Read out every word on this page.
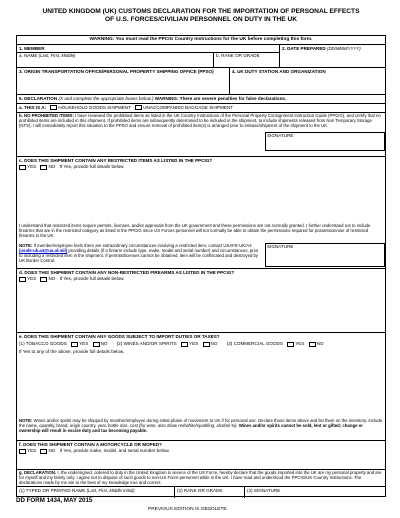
UNITED KINGDOM (UK) CUSTOMS DECLARATION FOR THE IMPORTATION OF PERSONAL EFFECTS
OF U.S. FORCES/CIVILIAN PERSONNEL ON DUTY IN THE UK
WARNING: You must read the PPCIG Country Instructions for the UK before completing this form.
1. MEMBER	2. DATE PREPARED (DD/MMM/YYYY)
a. NAME (Last, First, Middle)	b. RANK OR GRADE
3. ORIGIN TRANSPORTATION OFFICE/PERSONAL PROPERTY SHIPPING OFFICE (PPSO)	4. UK DUTY STATION AND ORGANIZATION
5. DECLARATION (X and complete the appropriate boxes below.) WARNING: There are severe penalties for false declarations.
a. THIS IS A:	HOUSEHOLD GOODS SHIPMENT	UNACCOMPANIED BAGGAGE SHIPMENT
b. NO PROHIBITED ITEMS: I have reviewed the prohibited items as listed in the UK Country Instructions of the Personal Property Consignment Instruction Guide (PPCIG), and certify that no prohibited items are included in this shipment. If prohibited items are subsequently determined to be included in the shipment, to include shipments released from Non Temporary Storage (NTS), I will immediately report this situation to the PPSO and ensure removal of prohibited item(s) is arranged prior to release/shipment of the shipment to the UK.
SIGNATURE
c. DOES THIS SHIPMENT CONTAIN ANY RESTRICTED ITEMS AS LISTED IN THE PPCIG?
YES	NO If Yes, provide full details below.
I understand that restricted items require permits, licenses, and/or approvals from the UK government and these permissions are not normally granted. I further understand not to include firearms that are in the restricted category as listed in the PPCIG since US Forces personnel will not normally be able to obtain the permissions required for possession/use of restricted firearms in the UK.
NOTE: If member/employee feels there are extraordinary circumstances involving a restricted item, contact USAFE-UK/A4 (usafe-uk.a4@us.af.mil) providing details (if a firearm include type, make, model and serial number) and circumstances, prior to including a restricted item in the shipment. If permits/licenses cannot be obtained, item will be confiscated and destroyed by UK Border Control.
SIGNATURE
d. DOES THIS SHIPMENT CONTAIN ANY NON-RESTRICTED FIREARMS AS LISTED IN THE PPCIG?
YES	NO If Yes, provide full details below.
e. DOES THIS SHIPMENT CONTAIN ANY GOODS SUBJECT TO IMPORT DUTIES OR TAXES?
(1) TOBACCO GOODS	YES	NO (2) WINES AND/OR SPIRITS	YES	NO (3) COMMERCIAL GOODS	YES	NO
If Yes to any of the above, provide full details below.
NOTE: Wines and/or spirits may be shipped by member/employee during initial phase of movement to UK if for personal use. Declare those items above and list them on the inventory. Include the name, quantity, brand, origin country, year, bottle size, cost (for wine, also show red/white/sparkling, alcohol %). Wines and/or spirits cannot be sold, lent or gifted; change or ownership will result in excise duty and tax becoming payable.
f. DOES THIS SHIPMENT CONTAIN A MOTORCYCLE OR MOPED?
YES	NO If Yes, provide make, model, and serial number below.
g. DECLARATION. I, the undersigned, ordered to duty in the United Kingdom in service of the US Force, hereby declare that the goods imported into the UK are my personal property and are for myself and my family only. I agree not to dispose of such goods to non-US Force personnel while in the UK. I have read and understood the PPCIG/UK Country Instructions. The declarations made by me are to the best of my knowledge true and correct.
(1) TYPED OR PRINTED NAME (Last, First, Middle Initial)	(2) RANK OR GRADE	(3) SIGNATURE
DD FORM 1434, MAY 2015
PREVIOUS EDITION IS OBSOLETE.
